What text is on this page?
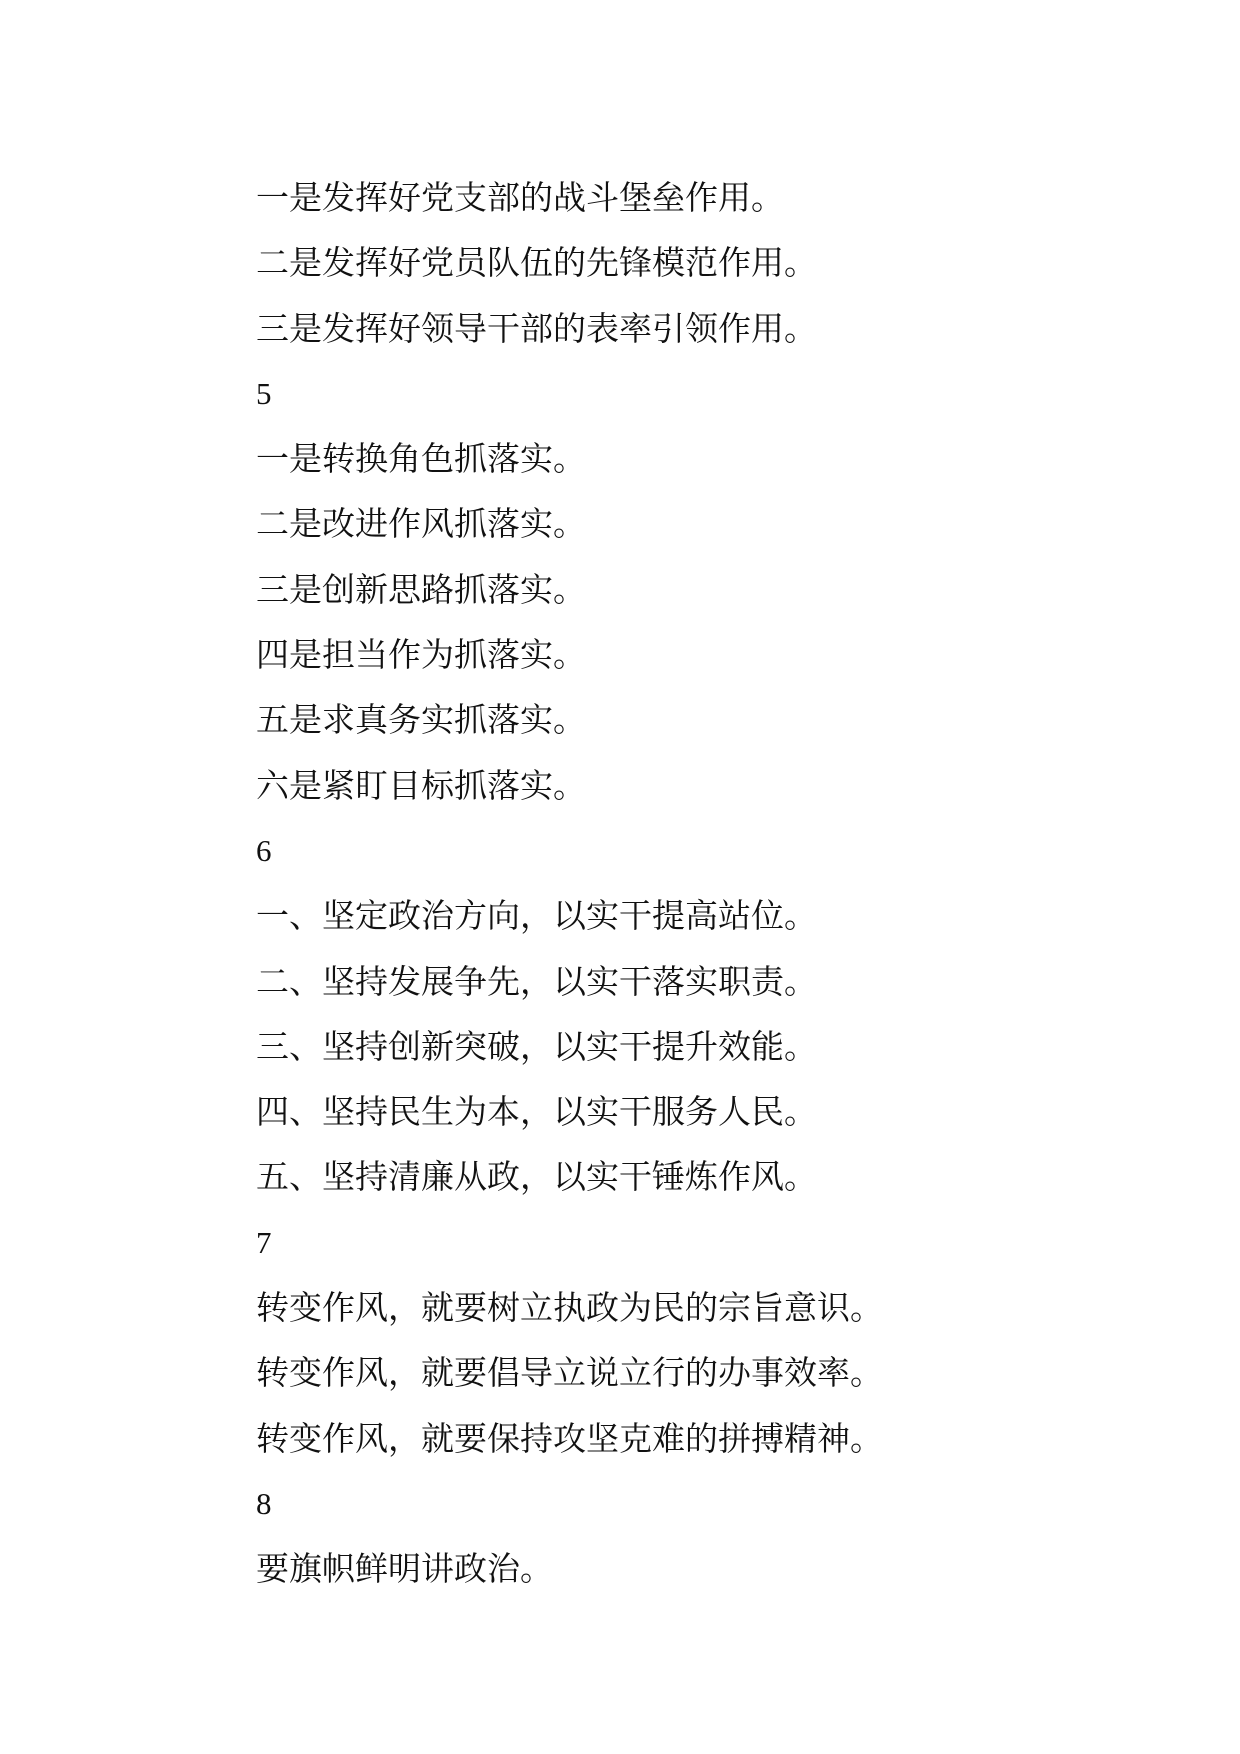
一是发挥好党支部的战斗堡垒作用。
二是发挥好党员队伍的先锋模范作用。
三是发挥好领导干部的表率引领作用。
5
一是转换角色抓落实。
二是改进作风抓落实。
三是创新思路抓落实。
四是担当作为抓落实。
五是求真务实抓落实。
六是紧盯目标抓落实。
6
一、坚定政治方向，以实干提高站位。
二、坚持发展争先，以实干落实职责。
三、坚持创新突破，以实干提升效能。
四、坚持民生为本，以实干服务人民。
五、坚持清廉从政，以实干锤炼作风。
7
转变作风，就要树立执政为民的宗旨意识。
转变作风，就要倡导立说立行的办事效率。
转变作风，就要保持攻坚克难的拼搏精神。
8
要旗帜鲜明讲政治。
